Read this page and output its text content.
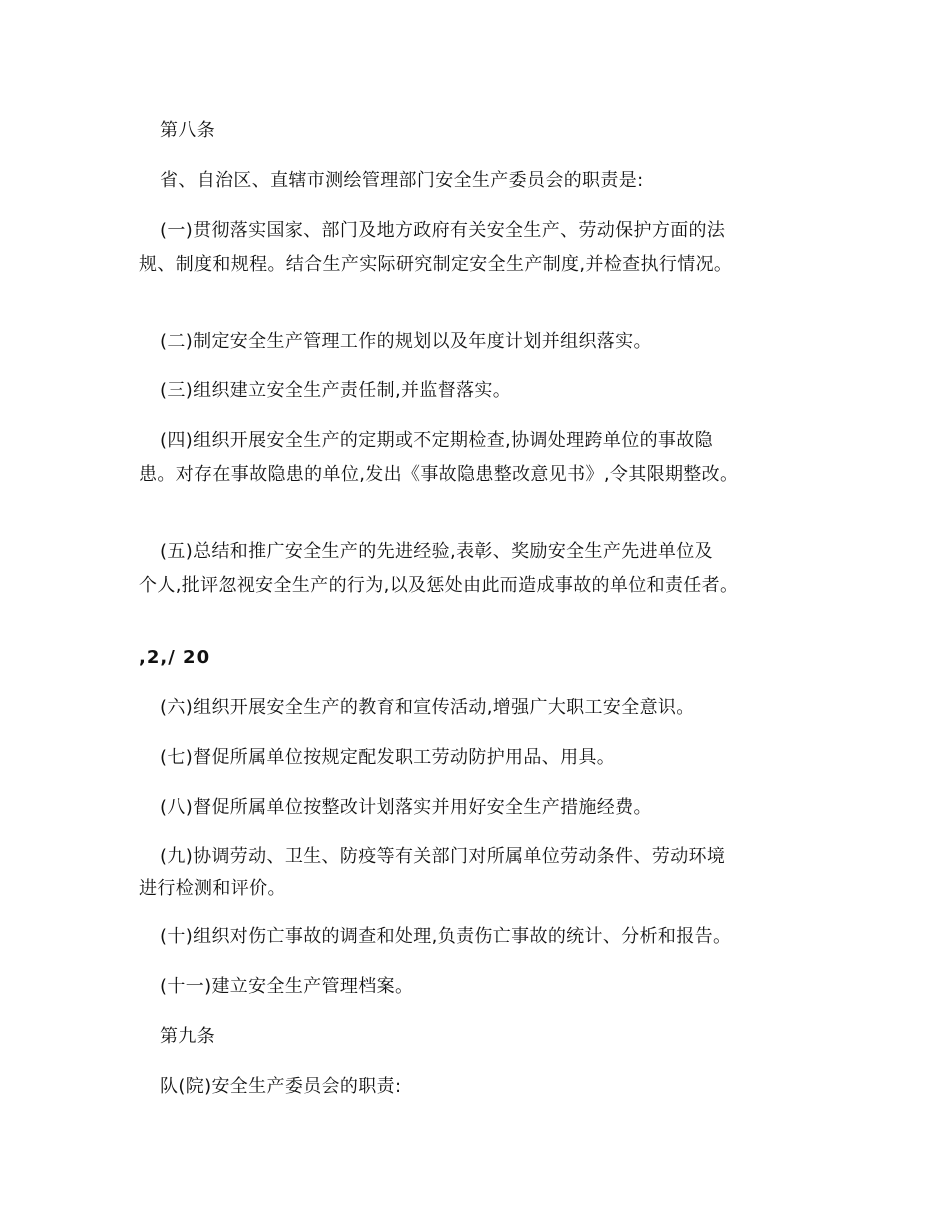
第八条
省、自治区、直辖市测绘管理部门安全生产委员会的职责是:
(一)贯彻落实国家、部门及地方政府有关安全生产、劳动保护方面的法
规、制度和规程。结合生产实际研究制定安全生产制度,并检查执行情况。
(二)制定安全生产管理工作的规划以及年度计划并组织落实。
(三)组织建立安全生产责任制,并监督落实。
(四)组织开展安全生产的定期或不定期检查,协调处理跨单位的事故隐
患。对存在事故隐患的单位,发出《事故隐患整改意见书》,令其限期整改。
(五)总结和推广安全生产的先进经验,表彰、奖励安全生产先进单位及
个人,批评忽视安全生产的行为,以及惩处由此而造成事故的单位和责任者。
,2,/ 20
(六)组织开展安全生产的教育和宣传活动,增强广大职工安全意识。
(七)督促所属单位按规定配发职工劳动防护用品、用具。
(八)督促所属单位按整改计划落实并用好安全生产措施经费。
(九)协调劳动、卫生、防疫等有关部门对所属单位劳动条件、劳动环境
进行检测和评价。
(十)组织对伤亡事故的调查和处理,负责伤亡事故的统计、分析和报告。
(十一)建立安全生产管理档案。
第九条
队(院)安全生产委员会的职责:
